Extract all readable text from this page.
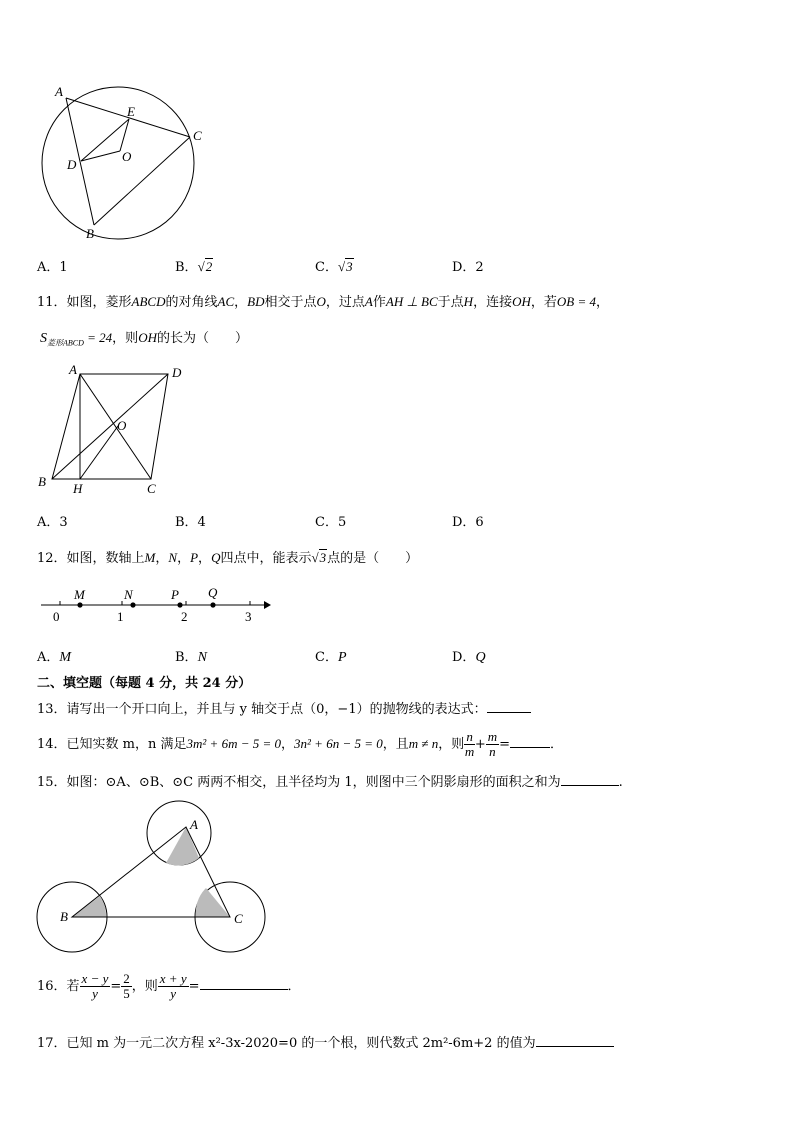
A
E
C
D
O
B
A．1	B．√2	C．√3	D．2
11．如图，菱形ABCD的对角线AC，BD相交于点O，过点A作AH ⊥ BC于点H，连接OH，若OB = 4，
$S_{菱形ABCD} = 24$，则OH的长为（　　）
A	D
O
B H	C
A．3	B．4	C．5	D．6
12．如图，数轴上M，N，P，Q四点中，能表示√3点的是（　　）
0	1	2	3
M	N	P Q
A．M	B．N	C．P	D．Q
二、填空题（每题 4 分，共 24 分）
13．请写出一个开口向上，并且与 y 轴交于点（0，−1）的抛物线的表达式：
14．已知实数 m，n 满足3m² + 6m − 5 = 0，3n² + 6n − 5 = 0，且m ≠ n，则 $\frac{n}{m} + \frac{m}{n}$ =	．
15．如图：⊙A、⊙B、⊙C 两两不相交，且半径均为 1，则图中三个阴影扇形的面积之和为	.
A
B	C
16．若 $\frac{x - y}{y} = \frac{2}{5}$ ，则 $\frac{x + y}{y}$ =	．
17．已知 m 为一元二次方程 x²-3x-2020=0 的一个根，则代数式 2m²-6m+2 的值为
